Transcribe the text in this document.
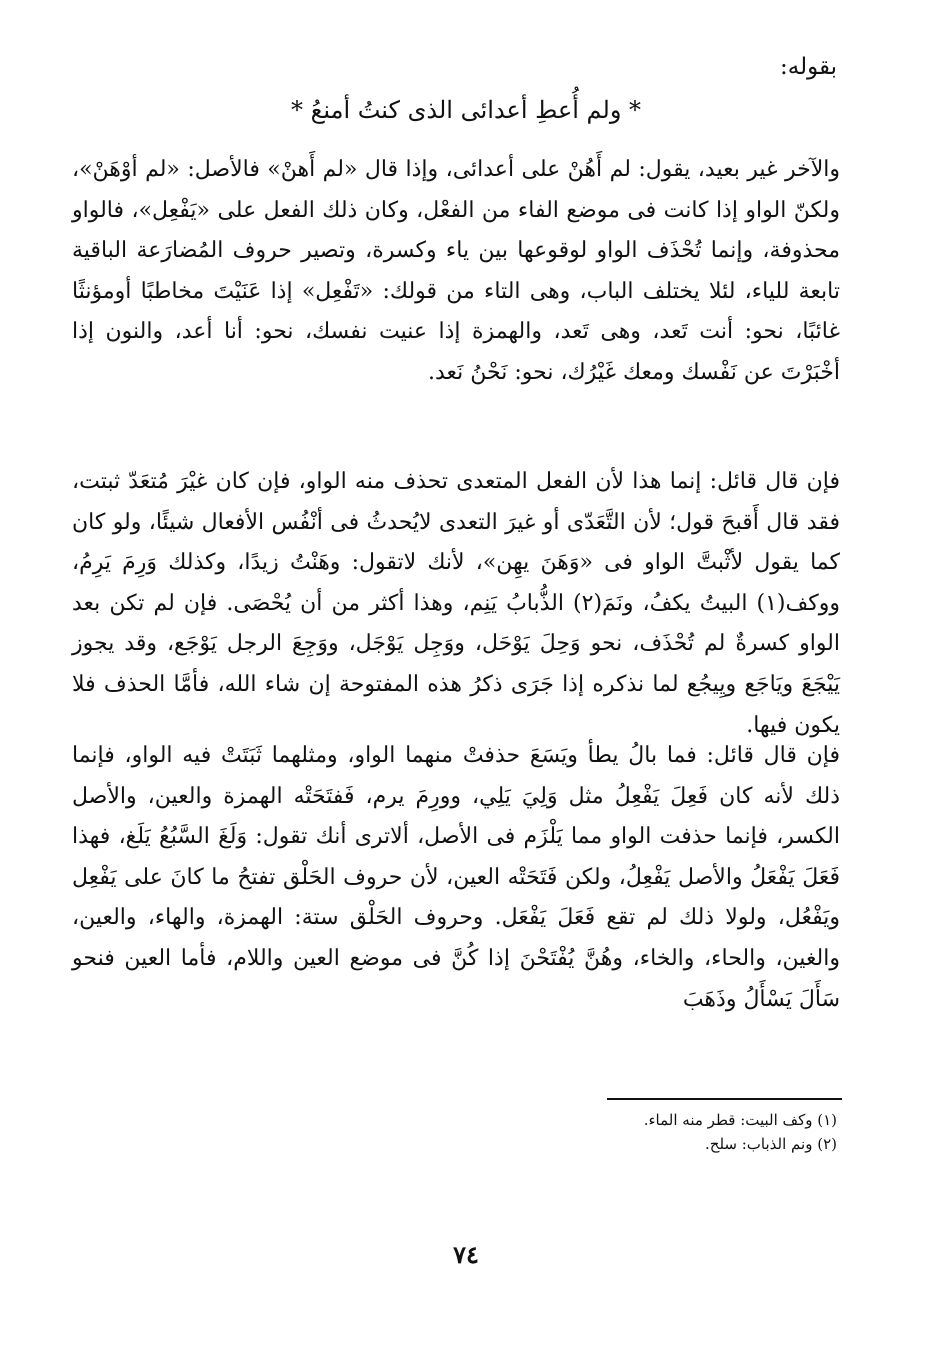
بقوله:
* ولم أُعطِ أعدائى الذى كنتُ أمنعُ *
والآخر غير بعيد، يقول: لم أَهُنْ على أعدائى، وإذا قال «لم أَهنْ» فالأصل: «لم أوْهَنْ»، ولكنّ الواو إذا كانت فى موضع الفاء من الفعْل، وكان ذلك الفعل على «يَفْعِل»، فالواو محذوفة، وإنما تُحْذَف الواو لوقوعها بين ياء وكسرة، وتصير حروف المُضارَعة الباقية تابعة للياء، لئلا يختلف الباب، وهى التاء من قولك: «تَفْعِل» إذا عَنَيْتَ مخاطبًا أومؤنثًا غائبًا، نحو: أنت تَعد، وهى تَعد، والهمزة إذا عنيت نفسك، نحو: أنا أعد، والنون إذا أخْبَرْتَ عن نَفْسك ومعك غَيْرُك، نحو: نَحْنُ نَعد.
فإن قال قائل: إنما هذا لأن الفعل المتعدى تحذف منه الواو، فإن كان غيْرَ مُتعَدّ ثبتت، فقد قال أَقبحَ قول؛ لأن التَّعَدّى أو غيرَ التعدى لايُحدثُ فى أنْفُس الأفعال شيئًا، ولو كان كما يقول لأثْبتَّ الواو فى «وَهَنَ يهِن»، لأنك لاتقول: وهَنْتُ زيدًا، وكذلك وَرِمَ يَرِمُ، ووكف(١) البيتُ يكفُ، ونَمَ(٢) الذُّبابُ يَنِم، وهذا أكثر من أن يُحْصَى. فإن لم تكن بعد الواو كسرةٌ لم تُحْذَف، نحو وَحِلَ يَوْحَل، ووَجِل يَوْجَل، ووَجِعَ الرجل يَوْجَع، وقد يجوز يَيْجَعَ ويَاجَع ويِيجُع لما نذكره إذا جَرَى ذكرُ هذه المفتوحة إن شاء الله، فأمَّا الحذف فلا يكون فيها.
فإن قال قائل: فما بالُ يطأ ويَسَعَ حذفتْ منهما الواو، ومثلهما ثَبَتَتْ فيه الواو، فإنما ذلك لأنه كان فَعِلَ يَفْعِلُ مثل وَلِيَ يَلِي، وورِمَ يرم، فَفتَحَتْه الهمزة والعين، والأصل الكسر، فإنما حذفت الواو مما يَلْزَم فى الأصل، ألاترى أنك تقول: وَلَغَ السَّبُعُ يَلَغ، فهذا فَعَلَ يَفْعَلُ والأصل يَفْعِلُ، ولكن فَتَحَتْه العين، لأن حروف الحَلْق تفتحُ ما كانَ على يَفْعِل ويَفْعُل، ولولا ذلك لم تقع فَعَلَ يَفْعَل. وحروف الحَلْق ستة: الهمزة، والهاء، والعين، والغين، والحاء، والخاء، وهُنَّ يُفْتَحْنَ إذا كُنَّ فى موضع العين واللام، فأما العين فنحو سَأَلَ يَسْأَلُ وذَهَبَ
(١) وكف البيت: قطر منه الماء.
(٢) ونم الذباب: سلح.
٧٤
